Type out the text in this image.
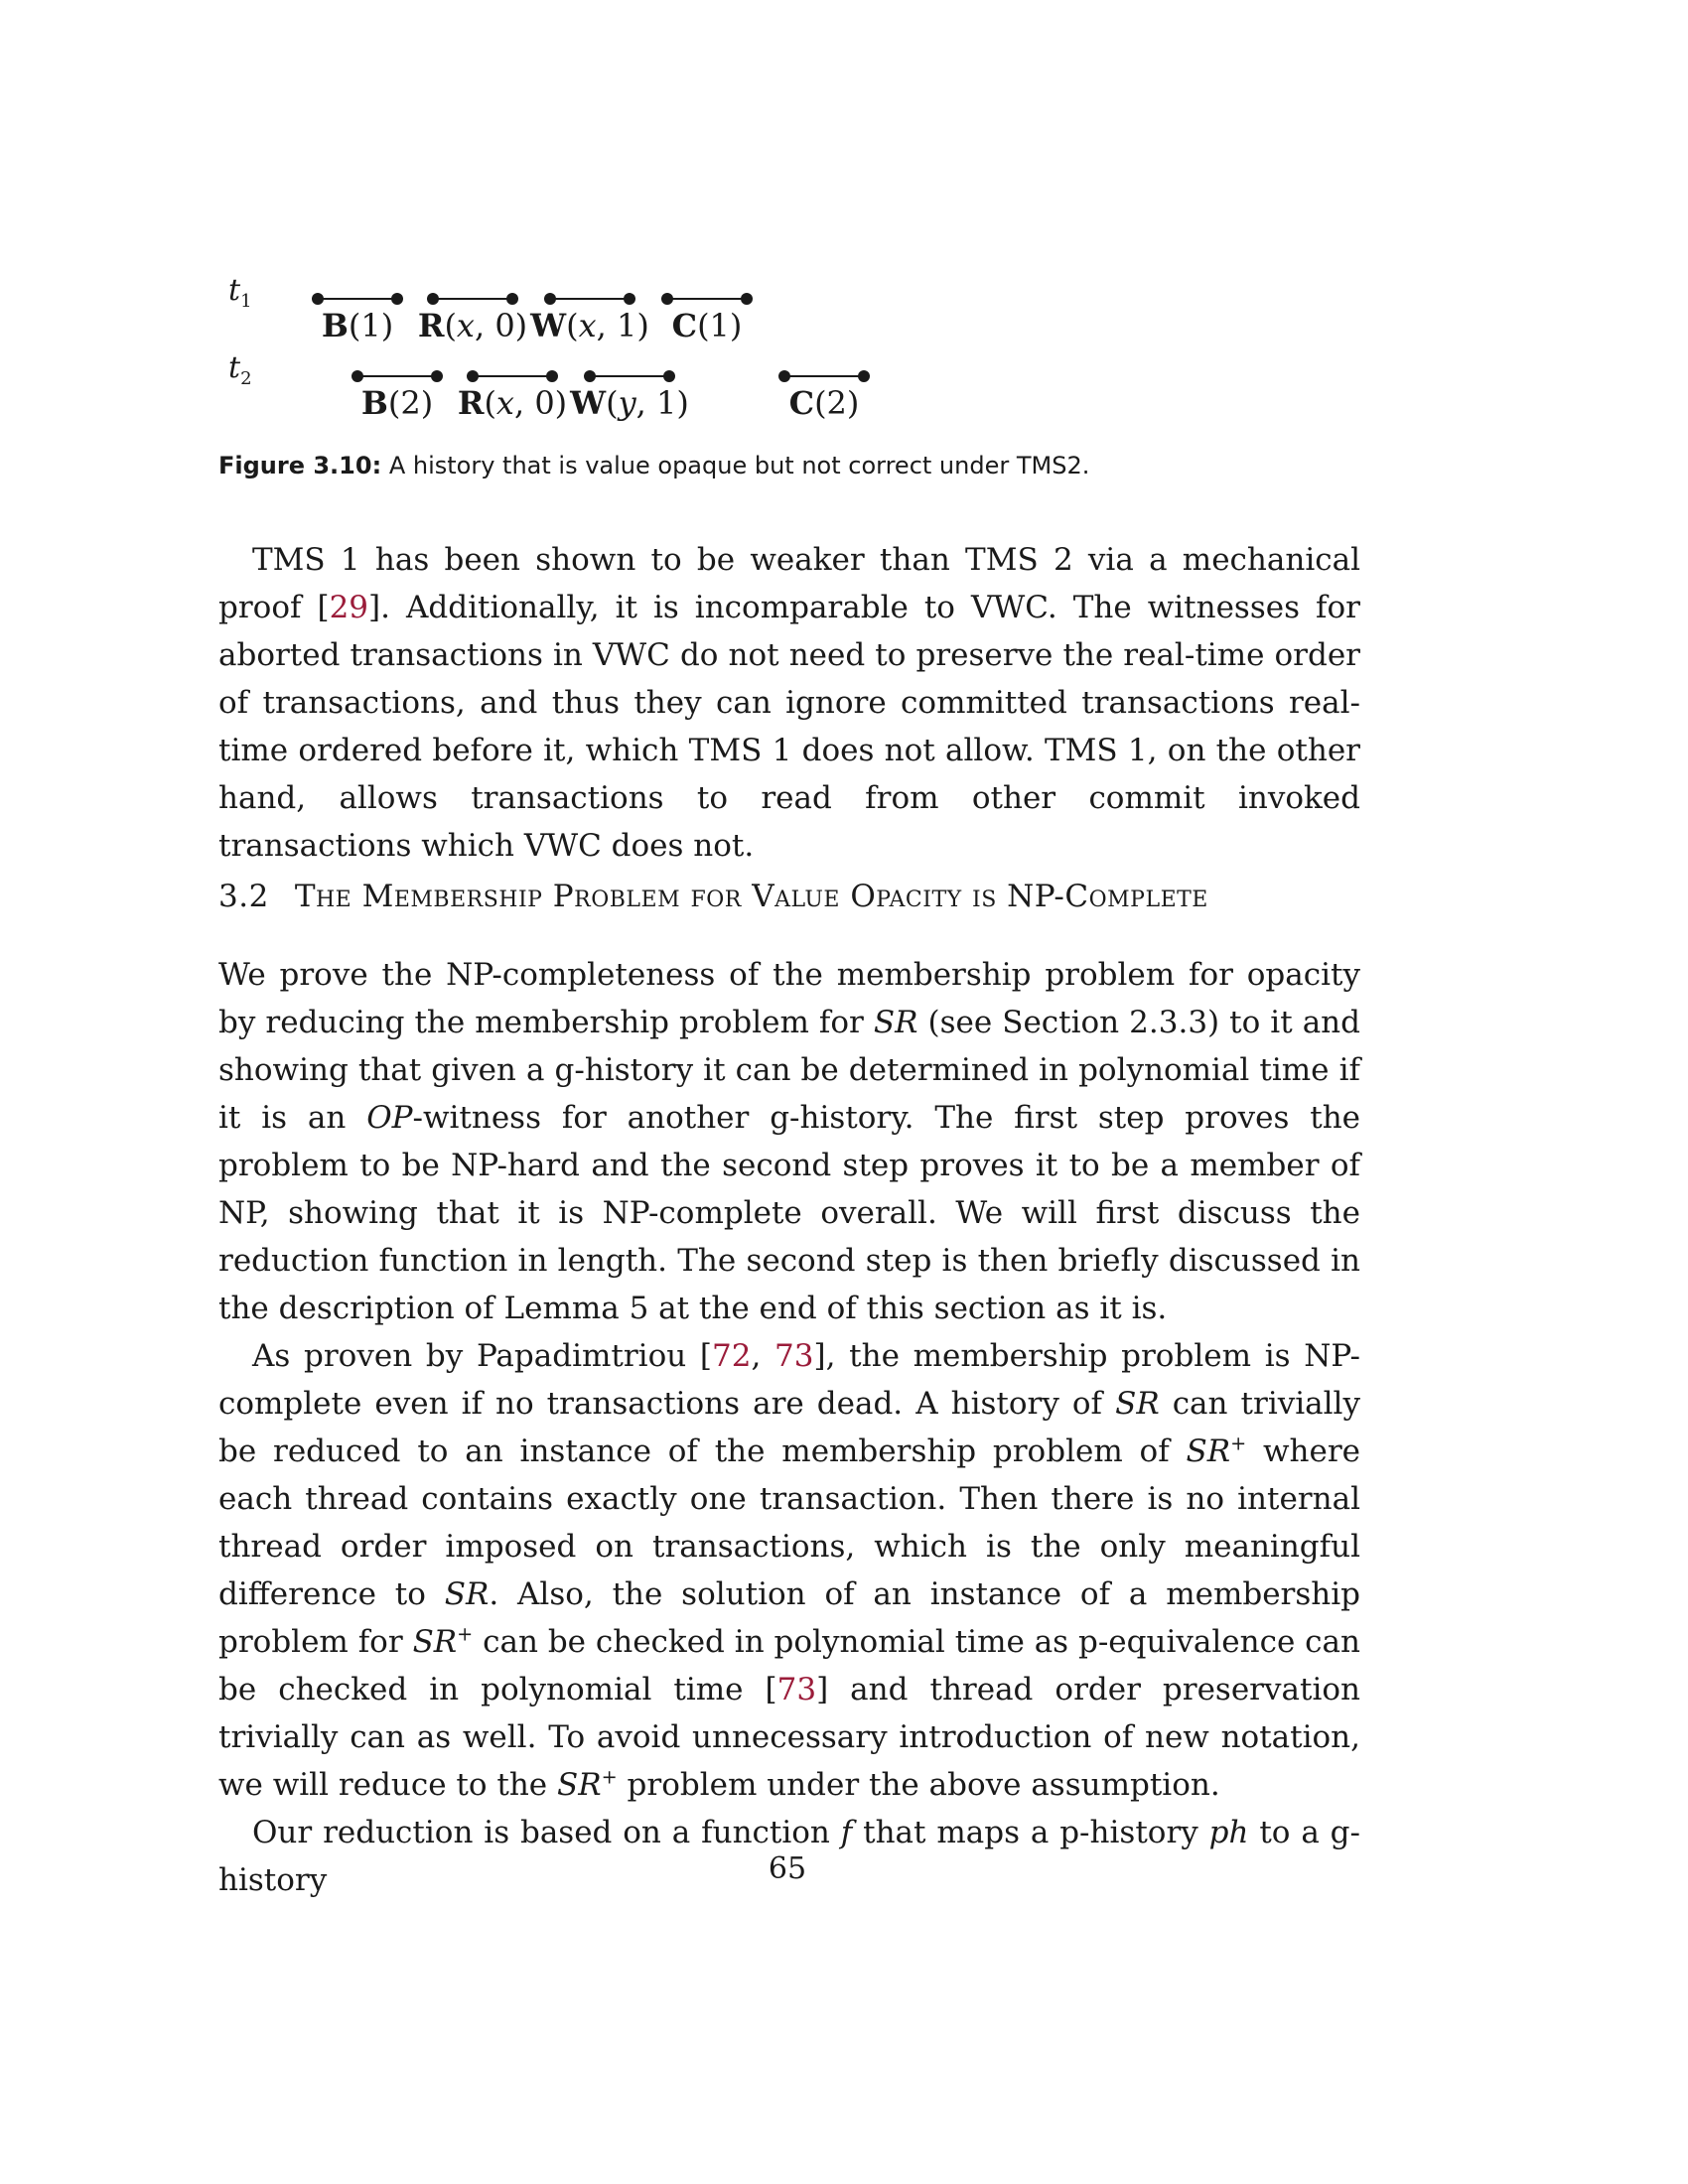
$t_1$
$t_2$
B(1) R(x, 0) W(x, 1) C(1)
B(2) R(x, 0) W(y, 1)	C(2)
Figure 3.10: A history that is value opaque but not correct under TMS2.

TMS 1 has been shown to be weaker than TMS 2 via a mechanical proof [29]. Additionally, it is incomparable to VWC. The witnesses for aborted transactions in VWC do not need to preserve the real-time order of transactions, and thus they can ignore committed transactions real-time ordered before it, which TMS 1 does not allow. TMS 1, on the other hand, allows transactions to read from other commit invoked transactions which VWC does not.

3.2 The Membership Problem for Value Opacity is NP-Complete

We prove the NP-completeness of the membership problem for opacity by reducing the membership problem for SR (see Section 2.3.3) to it and showing that given a g-history it can be determined in polynomial time if it is an OP-witness for another g-history. The first step proves the problem to be NP-hard and the second step proves it to be a member of NP, showing that it is NP-complete overall. We will first discuss the reduction function in length. The second step is then briefly discussed in the description of Lemma 5 at the end of this section as it is.

As proven by Papadimtriou [72, 73], the membership problem is NP-complete even if no transactions are dead. A history of SR can trivially be reduced to an instance of the membership problem of SR+ where each thread contains exactly one transaction. Then there is no internal thread order imposed on transactions, which is the only meaningful difference to SR. Also, the solution of an instance of a membership problem for SR+ can be checked in polynomial time as p-equivalence can be checked in polynomial time [73] and thread order preservation trivially can as well. To avoid unnecessary introduction of new notation, we will reduce to the SR+ problem under the above assumption.

Our reduction is based on a function f that maps a p-history ph to a g-history	65
